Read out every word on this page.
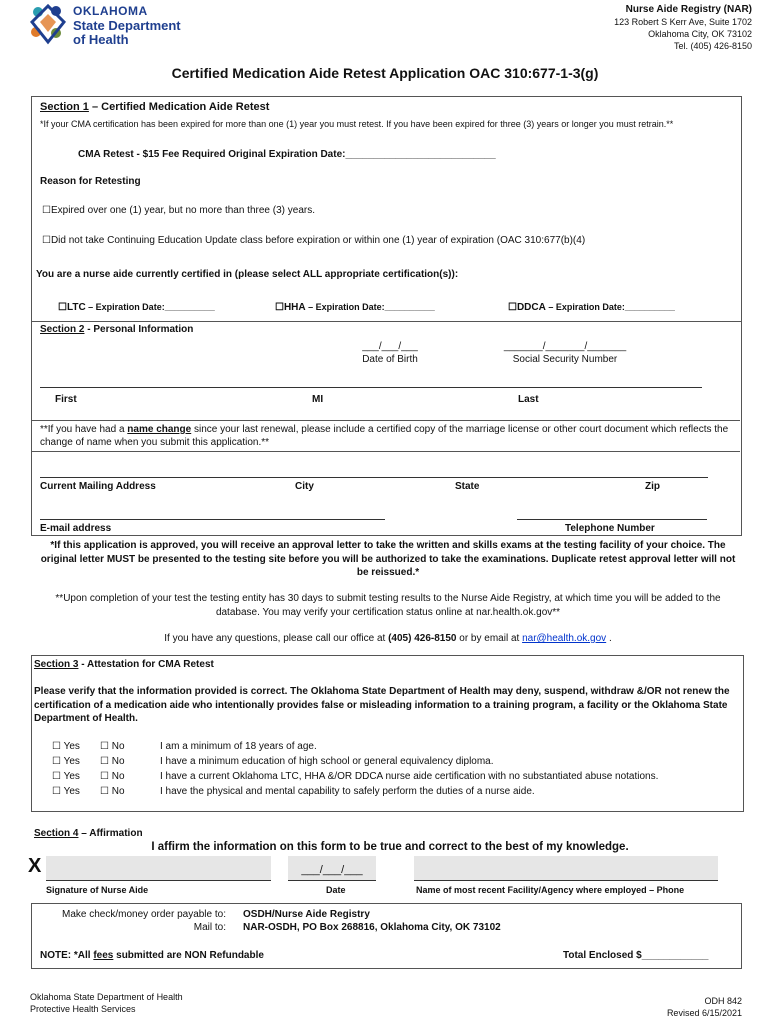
OKLAHOMA
State Department
of Health
Nurse Aide Registry (NAR)
123 Robert S Kerr Ave, Suite 1702
Oklahoma City, OK 73102
Tel. (405) 426-8150
Certified Medication Aide Retest Application OAC 310:677-1-3(g)
Section 1 – Certified Medication Aide Retest
*If your CMA certification has been expired for more than one (1) year you must retest. If you have been expired for three (3) years or longer you must retrain.**
CMA Retest - $15 Fee Required Original Expiration Date:___________________________
Reason for Retesting
☐Expired over one (1) year, but no more than three (3) years.
☐Did not take Continuing Education Update class before expiration or within one (1) year of expiration (OAC 310:677(b)(4)
You are a nurse aide currently certified in (please select ALL appropriate certification(s)):
☐LTC – Expiration Date:__________	☐HHA – Expiration Date:__________	☐DDCA – Expiration Date:__________
Section 2 - Personal Information
___/___/___
Date of Birth
_______/_______/_______
Social Security Number
First	MI	Last
**If you have had a name change since your last renewal, please include a certified copy of the marriage license or other court document which reflects the change of name when you submit this application.**
Current Mailing Address	City	State	Zip
E-mail address	Telephone Number
*If this application is approved, you will receive an approval letter to take the written and skills exams at the testing facility of your choice. The original letter MUST be presented to the testing site before you will be authorized to take the examinations. Duplicate retest approval letter will not be reissued.*
**Upon completion of your test the testing entity has 30 days to submit testing results to the Nurse Aide Registry, at which time you will be added to the database. You may verify your certification status online at nar.health.ok.gov**
If you have any questions, please call our office at (405) 426-8150 or by email at nar@health.ok.gov .
Section 3 - Attestation for CMA Retest
Please verify that the information provided is correct. The Oklahoma State Department of Health may deny, suspend, withdraw &/OR not renew the certification of a medication aide who intentionally provides false or misleading information to a training program, a facility or the Oklahoma State Department of Health.
☐ Yes	☐ No	I am a minimum of 18 years of age.
☐ Yes	☐ No	I have a minimum education of high school or general equivalency diploma.
☐ Yes	☐ No	I have a current Oklahoma LTC, HHA &/OR DDCA nurse aide certification with no substantiated abuse notations.
☐ Yes	☐ No	I have the physical and mental capability to safely perform the duties of a nurse aide.
Section 4 – Affirmation
I affirm the information on this form to be true and correct to the best of my knowledge.
X	___/___/___
Signature of Nurse Aide	Date	Name of most recent Facility/Agency where employed – Phone
Make check/money order payable to: OSDH/Nurse Aide Registry
Mail to: NAR-OSDH, PO Box 268816, Oklahoma City, OK 73102
NOTE: *All fees submitted are NON Refundable	Total Enclosed $____________
Oklahoma State Department of Health
Protective Health Services
ODH 842
Revised 6/15/2021
